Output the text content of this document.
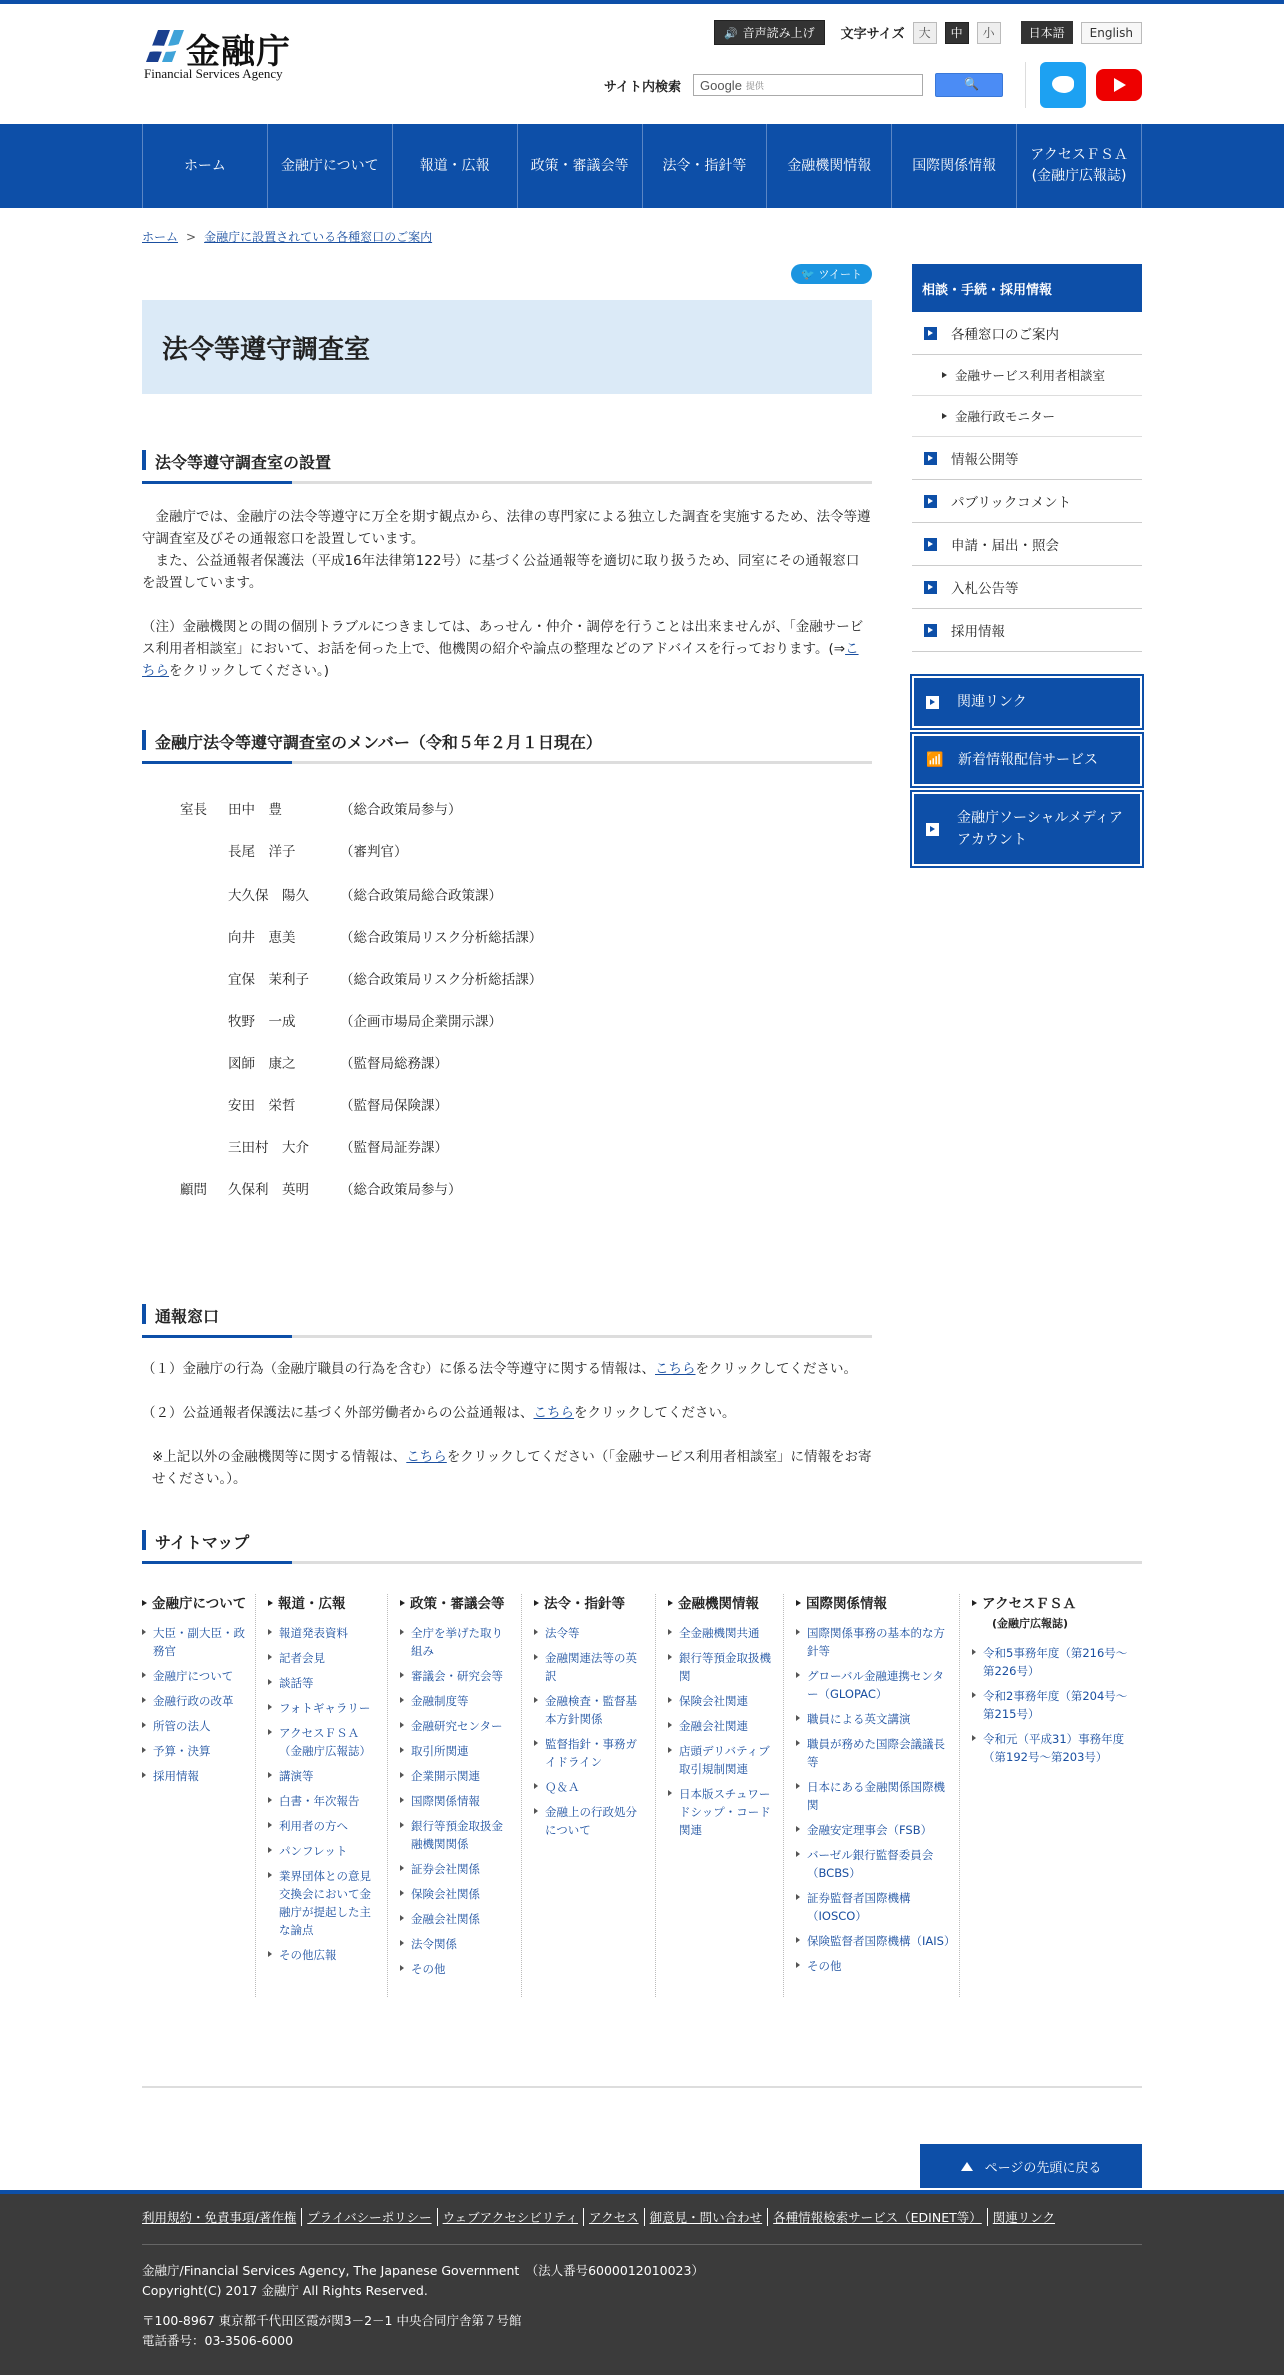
金融庁
Financial Services Agency
🔊 音声読み上げ	文字サイズ	大	中	小	日本語	English
サイト内検索 Google 提供	🔍
ホーム	金融庁について	報道・広報	政策・審議会等	法令・指針等	金融機関情報	国際関係情報
アクセスＦＳＡ
(金融庁広報誌)
ホーム > 金融庁に設置されている各種窓口のご案内
🐦 ツイート
法令等遵守調査室
法令等遵守調査室の設置

　金融庁では、金融庁の法令等遵守に万全を期す観点から、法律の専門家による独立した調査を実施するため、法令等遵守調査室及びその通報窓口を設置しています。

　また、公益通報者保護法（平成16年法律第122号）に基づく公益通報等を適切に取り扱うため、同室にその通報窓口を設置しています。

（注）金融機関との間の個別トラブルにつきましては、あっせん・仲介・調停を行うことは出来ませんが、「金融サービス利用者相談室」において、お話を伺った上で、他機関の紹介や論点の整理などのアドバイスを行っております。(⇒こちらをクリックしてください。)

金融庁法令等遵守調査室のメンバー（令和５年２月１日現在）
室長	田中　豊	（総合政策局参与）
長尾　洋子	（審判官）
大久保　陽久	（総合政策局総合政策課）
向井　恵美	（総合政策局リスク分析総括課）
宜保　茉利子	（総合政策局リスク分析総括課）
牧野　一成	（企画市場局企業開示課）
図師　康之	（監督局総務課）
安田　栄哲	（監督局保険課）
三田村　大介	（監督局証券課）
顧問	久保利　英明	（総合政策局参与）
通報窓口

（１）金融庁の行為（金融庁職員の行為を含む）に係る法令等遵守に関する情報は、こちらをクリックしてください。

（２）公益通報者保護法に基づく外部労働者からの公益通報は、こちらをクリックしてください。

※上記以外の金融機関等に関する情報は、こちらをクリックしてください（「金融サービス利用者相談室」に情報をお寄せください。）。

相談・手続・採用情報
各種窓口のご案内
金融サービス利用者相談室
金融行政モニター
情報公開等
パブリックコメント
申請・届出・照会
入札公告等
採用情報
関連リンク
📶 新着情報配信サービス
金融庁ソーシャルメディアアカウント
サイトマップ
金融庁について
大臣・副大臣・政務官
金融庁について
金融行政の改革
所管の法人
予算・決算
採用情報
報道・広報
報道発表資料
記者会見
談話等
フォトギャラリー
アクセスＦＳＡ（金融庁広報誌）
講演等
白書・年次報告
利用者の方へ
パンフレット
業界団体との意見交換会において金融庁が提起した主な論点
その他広報
政策・審議会等
全庁を挙げた取り組み
審議会・研究会等
金融制度等
金融研究センター
取引所関連
企業開示関連
国際関係情報
銀行等預金取扱金融機関関係
証券会社関係
保険会社関係
金融会社関係
法令関係
その他
法令・指針等
法令等
金融関連法等の英訳
金融検査・監督基本方針関係
監督指針・事務ガイドライン
Ｑ＆Ａ
金融上の行政処分について
金融機関情報
全金融機関共通
銀行等預金取扱機関
保険会社関連
金融会社関連
店頭デリバティブ取引規制関連
日本版スチュワードシップ・コード関連
国際関係情報
国際関係事務の基本的な方針等
グローバル金融連携センター（GLOPAC）
職員による英文講演
職員が務めた国際会議議長等
日本にある金融関係国際機関
金融安定理事会（FSB）
バーゼル銀行監督委員会（BCBS）
証券監督者国際機構（IOSCO）
保険監督者国際機構（IAIS）
その他
アクセスＦＳＡ
(金融庁広報誌)
令和5事務年度（第216号～第226号）
令和2事務年度（第204号～第215号）
令和元（平成31）事務年度（第192号～第203号）
ページの先頭に戻る
利用規約・免責事項/著作権 プライバシーポリシー ウェブアクセシビリティ アクセス 御意見・問い合わせ 各種情報検索サービス（EDINET等） 関連リンク
金融庁/Financial Services Agency, The Japanese Government　（法人番号6000012010023）
Copyright(C) 2017 金融庁 All Rights Reserved.
〒100-8967 東京都千代田区霞が関3－2－1 中央合同庁舎第７号館
電話番号：03-3506-6000
